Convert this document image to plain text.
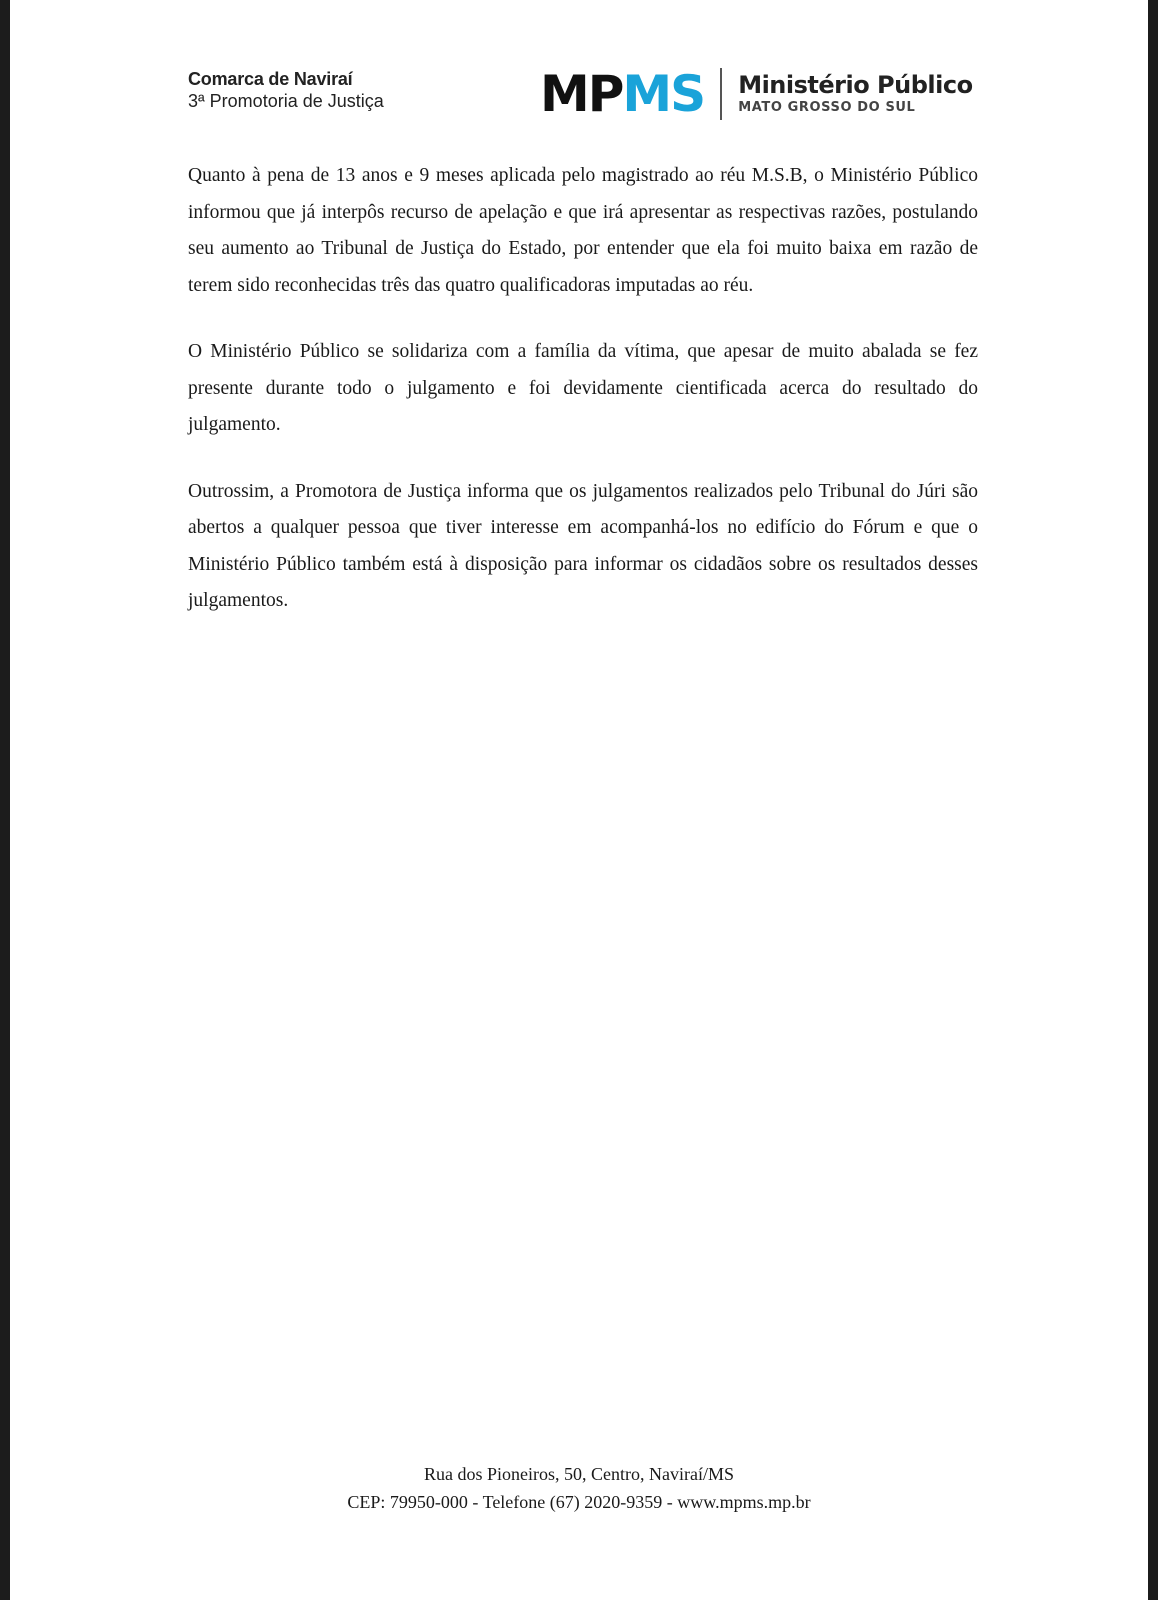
Comarca de Naviraí
3ª Promotoria de Justiça	MPMS Ministério Público
MATO GROSSO DO SUL

Quanto à pena de 13 anos e 9 meses aplicada pelo magistrado ao réu M.S.B, o Ministério Público informou que já interpôs recurso de apelação e que irá apresentar as respectivas razões, postulando seu aumento ao Tribunal de Justiça do Estado, por entender que ela foi muito baixa em razão de terem sido reconhecidas três das quatro qualificadoras imputadas ao réu.

O Ministério Público se solidariza com a família da vítima, que apesar de muito abalada se fez presente durante todo o julgamento e foi devidamente cientificada acerca do resultado do julgamento.

Outrossim, a Promotora de Justiça informa que os julgamentos realizados pelo Tribunal do Júri são abertos a qualquer pessoa que tiver interesse em acompanhá-los no edifício do Fórum e que o Ministério Público também está à disposição para informar os cidadãos sobre os resultados desses julgamentos.

Rua dos Pioneiros, 50, Centro, Naviraí/MS
CEP: 79950-000 - Telefone (67) 2020-9359 - www.mpms.mp.br
